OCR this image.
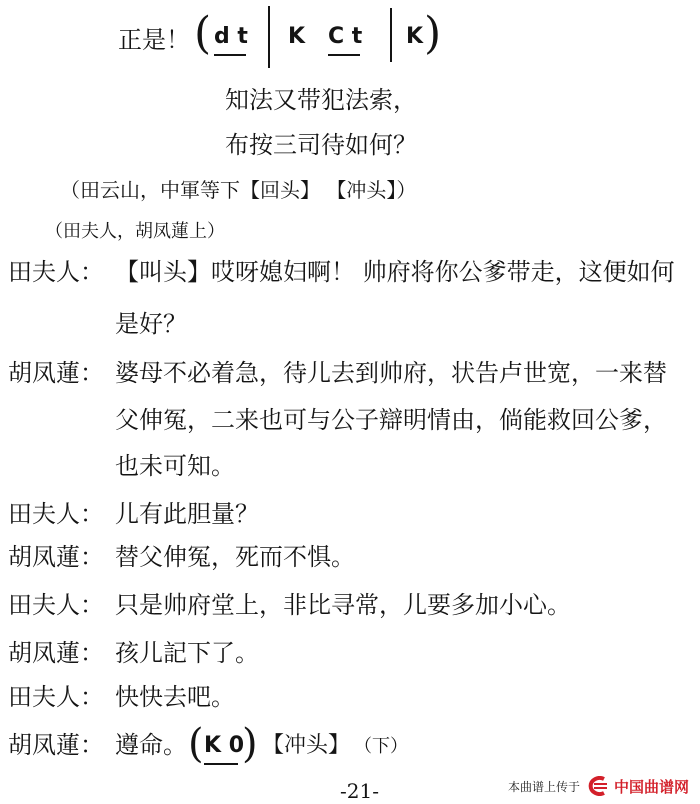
正是！ ( d t K C t K )
知法又带犯法索，
布按三司待如何？
（田云山，中軍等下【回头】 【冲头】）
（田夫人，胡凤蓮上）
田夫人： 【叫头】哎呀媳妇啊！ 帅府将你公爹带走，这便如何
是好？
胡凤蓮： 婆母不必着急，待儿去到帅府，状告卢世宽，一来替
父伸冤，二来也可与公子辯明情由，倘能救回公爹，
也未可知。
田夫人： 儿有此胆量？
胡凤蓮： 替父伸冤，死而不惧。
田夫人： 只是帅府堂上，非比寻常，儿要多加小心。
胡凤蓮： 孩儿記下了。
田夫人： 快快去吧。
胡凤蓮： 遵命。 ( K 0
) 【冲头】 （下）
-21-	本曲谱上传于 中国曲谱网
